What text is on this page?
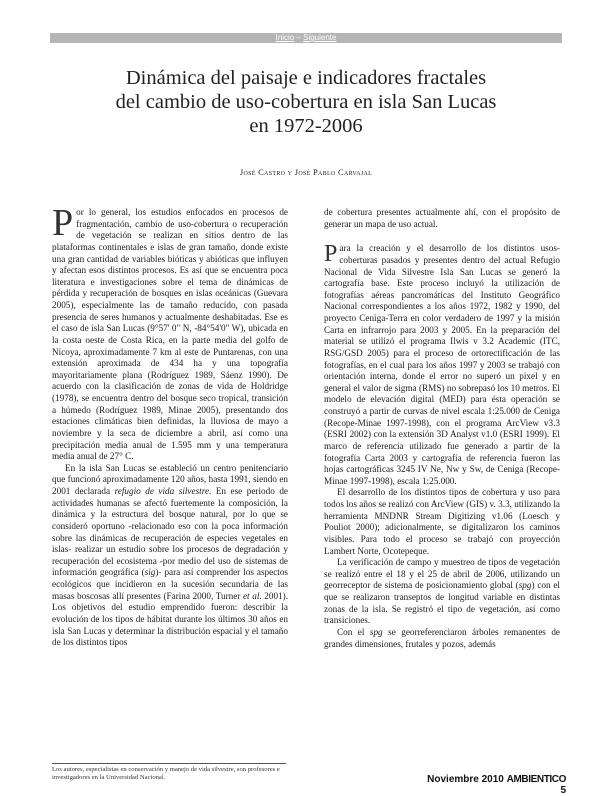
Inicio – Siguiente
Dinámica del paisaje e indicadores fractales
del cambio de uso-cobertura en isla San Lucas
en 1972-2006
José Castro y José Pablo Carvajal

Por lo general, los estudios enfocados en procesos de fragmentación, cambio de uso-cobertura o recuperación de vegetación se realizan en sitios dentro de las plataformas continentales e islas de gran tamaño, donde existe una gran cantidad de variables bióticas y abióticas que influyen y afectan esos distintos procesos. Es así que se encuentra poca literatura e investigaciones sobre el tema de dinámicas de pérdida y recuperación de bosques en islas oceánicas (Guevara 2005), especialmente las de tamaño reducido, con pasada presencia de seres humanos y actualmente deshabitadas. Ese es el caso de isla San Lucas (9°57' 0" N, -84°54'0" W), ubicada en la costa oeste de Costa Rica, en la parte media del golfo de Nicoya, aproximadamente 7 km al este de Puntarenas, con una extensión aproximada de 434 ha y una topografía mayoritariamente plana (Rodríguez 1989, Sáenz 1990). De acuerdo con la clasificación de zonas de vida de Holdridge (1978), se encuentra dentro del bosque seco tropical, transición a húmedo (Rodríguez 1989, Minae 2005), presentando dos estaciones climáticas bien definidas, la lluviosa de mayo a noviembre y la seca de diciembre a abril, así como una precipitación media anual de 1.595 mm y una temperatura media anual de 27° C.

En la isla San Lucas se estableció un centro penitenciario que funcionó aproximadamente 120 años, hasta 1991, siendo en 2001 declarada refugio de vida silvestre. En ese periodo de actividades humanas se afectó fuertemente la composición, la dinámica y la estructura del bosque natural, por lo que se consideró oportuno -relacionado eso con la poca información sobre las dinámicas de recuperación de especies vegetales en islas- realizar un estudio sobre los procesos de degradación y recuperación del ecosistema -por medio del uso de sistemas de información geográfica (sig)- para así comprender los aspectos ecológicos que incidieron en la sucesión secundaria de las masas boscosas allí presentes (Farina 2000, Turner et al. 2001). Los objetivos del estudio emprendido fueron: describir la evolución de los tipos de hábitat durante los últimos 30 años en isla San Lucas y determinar la distribución espacial y el tamaño de los distintos tipos

de cobertura presentes actualmente ahí, con el propósito de generar un mapa de uso actual.

Para la creación y el desarrollo de los distintos usos-coberturas pasados y presentes dentro del actual Refugio Nacional de Vida Silvestre Isla San Lucas se generó la cartografía base. Este proceso incluyó la utilización de fotografías aéreas pancromáticas del Instituto Geográfico Nacional correspondientes a los años 1972, 1982 y 1990, del proyecto Ceniga-Terra en color verdadero de 1997 y la misión Carta en infrarrojo para 2003 y 2005. En la preparación del material se utilizó el programa Ilwis v 3.2 Academic (ITC, RSG/GSD 2005) para el proceso de ortorectificación de las fotografías, en el cual para los años 1997 y 2003 se trabajó con orientación interna, donde el error no superó un pixel y en general el valor de sigma (RMS) no sobrepasó los 10 metros. El modelo de elevación digital (MED) para ésta operación se construyó a partir de curvas de nivel escala 1:25.000 de Ceniga (Recope-Minae 1997-1998), con el programa ArcView v3.3 (ESRI 2002) con la extensión 3D Analyst v1.0 (ESRI 1999). El marco de referencia utilizado fue generado a partir de la fotografía Carta 2003 y cartografía de referencia fueron las hojas cartográficas 3245 IV Ne, Nw y Sw, de Ceniga (Recope-Minae 1997-1998), escala 1:25.000.

El desarrollo de los distintos tipos de cobertura y uso para todos los años se realizó con ArcView (GIS) v. 3.3, utilizando la herramienta MNDNR Stream Digitizing v1.06 (Loesch y Pouliot 2000); adicionalmente, se digitalizaron los caminos visibles. Para todo el proceso se trabajó con proyección Lambert Norte, Ocotepeque.

La verificación de campo y muestreo de tipos de vegetación se realizó entre el 18 y el 25 de abril de 2006, utilizando un georreceptor de sistema de posicionamiento global (spg) con el que se realizaron transeptos de longitud variable en distintas zonas de la isla. Se registró el tipo de vegetación, así como transiciones.

Con el spg se georreferenciaron árboles remanentes de grandes dimensiones, frutales y pozos, además

Los autores, especialistas en conservación y manejo de vida silvestre, son profesores e investigadores en la Universidad Nacional.	Noviembre 2010 AMBIENTICO 5
